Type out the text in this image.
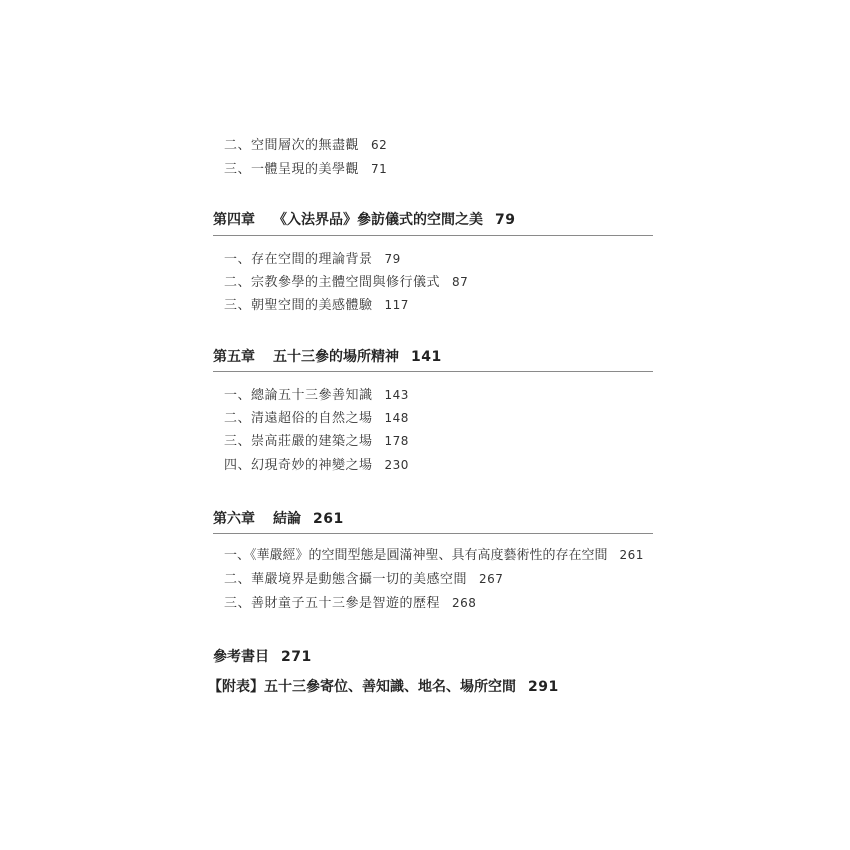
二、空間層次的無盡觀 62
三、一體呈現的美學觀 71
第四章 《入法界品》參訪儀式的空間之美 79
一、存在空間的理論背景 79
二、宗教參學的主體空間與修行儀式 87
三、朝聖空間的美感體驗 117
第五章 五十三參的場所精神 141
一、總論五十三參善知識 143
二、清遠超俗的自然之場 148
三、崇高莊嚴的建築之場 178
四、幻現奇妙的神變之場 230
第六章 結論 261
一、《華嚴經》的空間型態是圓滿神聖、具有高度藝術性的存在空間 261
二、華嚴境界是動態含攝一切的美感空間 267
三、善財童子五十三參是智遊的歷程 268
參考書目 271
【附表】五十三參寄位、善知識、地名、場所空間 291
